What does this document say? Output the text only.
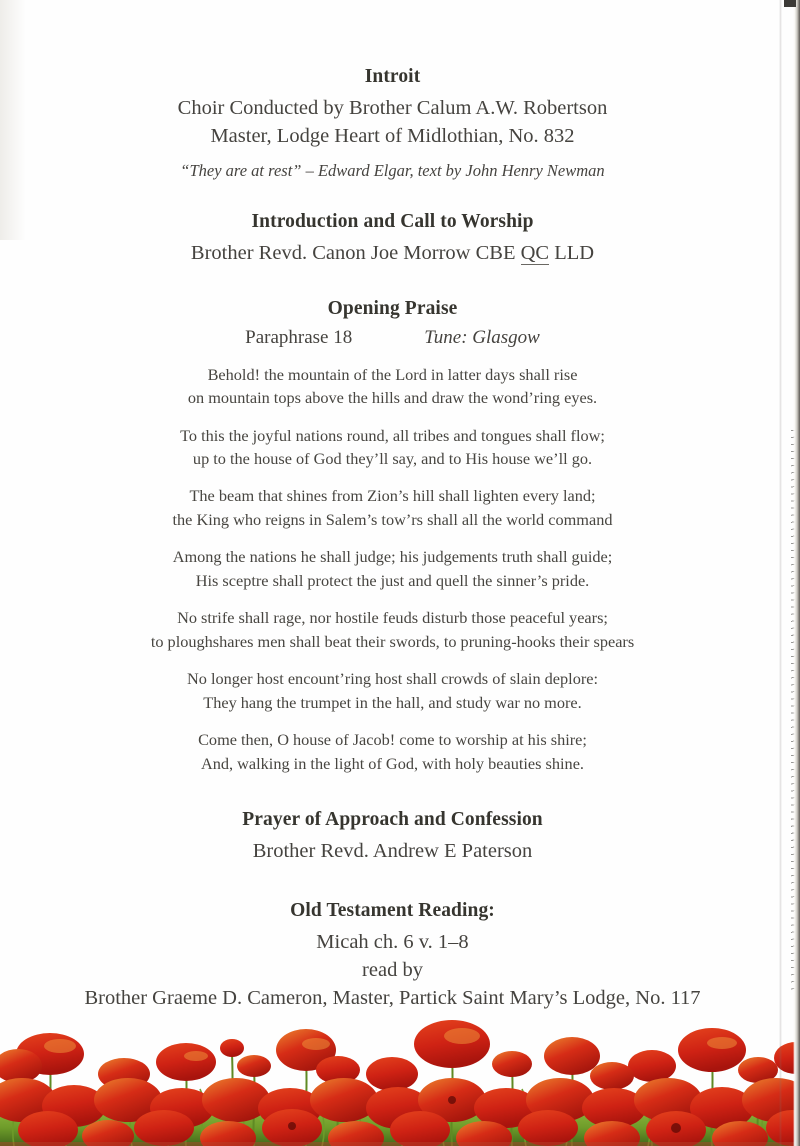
Introit
Choir Conducted by Brother Calum A.W. Robertson
Master, Lodge Heart of Midlothian, No. 832
“They are at rest” – Edward Elgar, text by John Henry Newman
Introduction and Call to Worship
Brother Revd. Canon Joe Morrow CBE QC LLD
Opening Praise
Paraphrase 18	Tune: Glasgow
Behold! the mountain of the Lord in latter days shall rise
on mountain tops above the hills and draw the wond’ring eyes.
To this the joyful nations round, all tribes and tongues shall flow;
up to the house of God they’ll say, and to His house we’ll go.
The beam that shines from Zion’s hill shall lighten every land;
the King who reigns in Salem’s tow’rs shall all the world command
Among the nations he shall judge; his judgements truth shall guide;
His sceptre shall protect the just and quell the sinner’s pride.
No strife shall rage, nor hostile feuds disturb those peaceful years;
to ploughshares men shall beat their swords, to pruning-hooks their spears
No longer host encount’ring host shall crowds of slain deplore:
They hang the trumpet in the hall, and study war no more.
Come then, O house of Jacob! come to worship at his shire;
And, walking in the light of God, with holy beauties shine.
Prayer of Approach and Confession
Brother Revd. Andrew E Paterson
Old Testament Reading:
Micah ch. 6 v. 1–8
read by
Brother Graeme D. Cameron, Master, Partick Saint Mary’s Lodge, No. 117
